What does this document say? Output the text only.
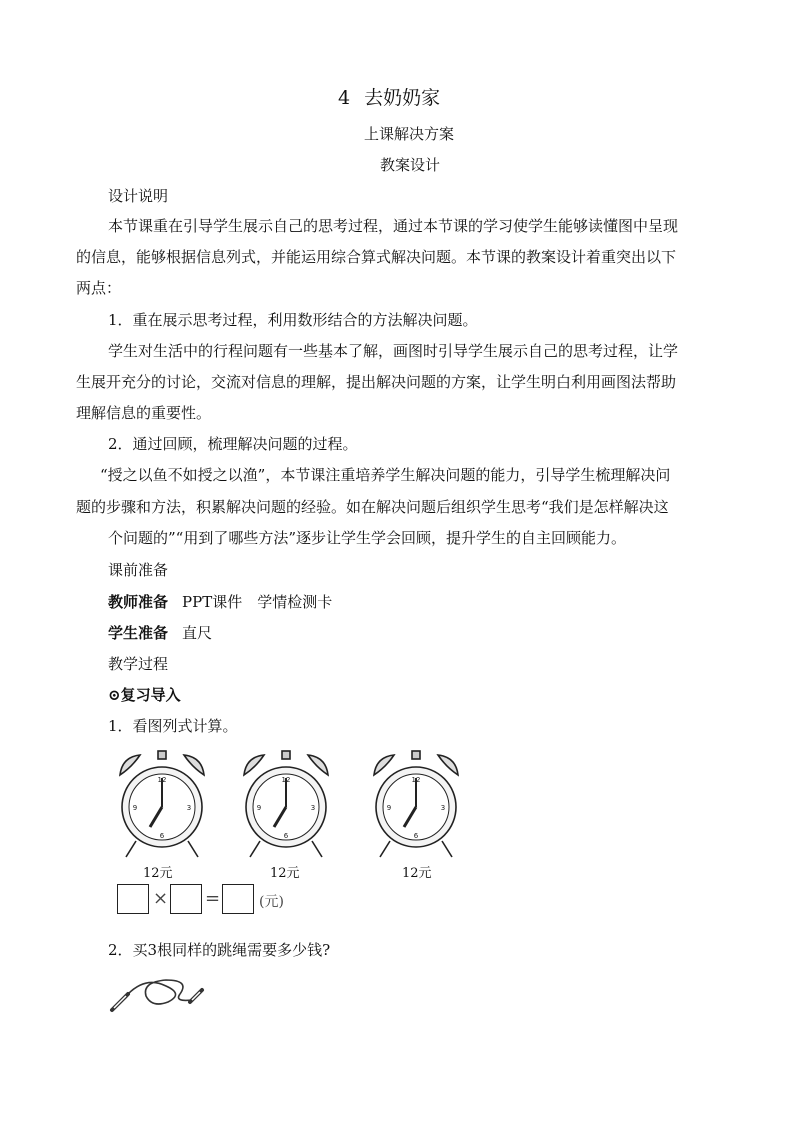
4 去奶奶家
上课解决方案
教案设计
设计说明
本节课重在引导学生展示自己的思考过程，通过本节课的学习使学生能够读懂图中呈现
的信息，能够根据信息列式，并能运用综合算式解决问题。本节课的教案设计着重突出以下
两点：
1．重在展示思考过程，利用数形结合的方法解决问题。
学生对生活中的行程问题有一些基本了解，画图时引导学生展示自己的思考过程，让学
生展开充分的讨论，交流对信息的理解，提出解决问题的方案，让学生明白利用画图法帮助
理解信息的重要性。
2．通过回顾，梳理解决问题的过程。
“授之以鱼不如授之以渔”，本节课注重培养学生解决问题的能力，引导学生梳理解决问
题的步骤和方法，积累解决问题的经验。如在解决问题后组织学生思考“我们是怎样解决这
个问题的”“用到了哪些方法”逐步让学生学会回顾，提升学生的自主回顾能力。
课前准备
教师准备 PPT课件　学情检测卡
学生准备 直尺
教学过程
⊙复习导入
1．看图列式计算。
12
3
6
9
12
3
6
9
12
3
6
9
12元	12元	12元
× =	(元)
2．买3根同样的跳绳需要多少钱?
